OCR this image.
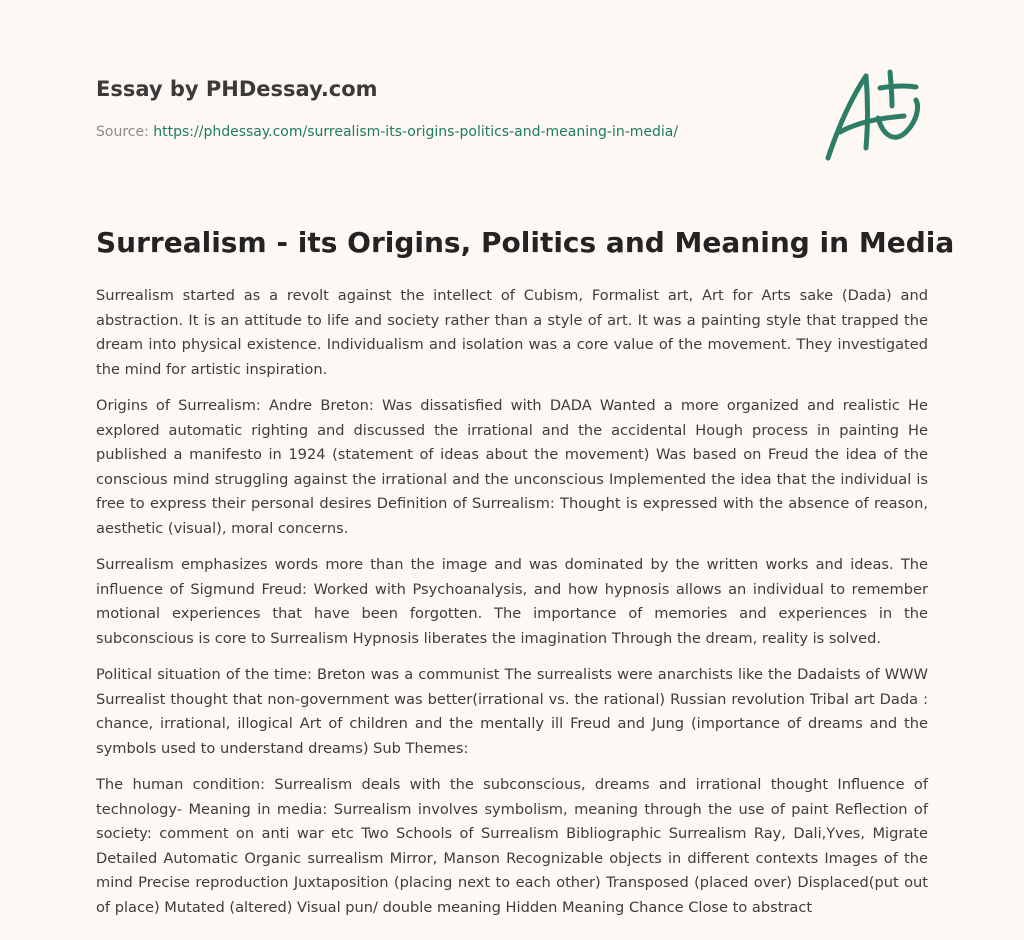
Essay by PHDessay.com
Source: https://phdessay.com/surrealism-its-origins-politics-and-meaning-in-media/
Surrealism - its Origins, Politics and Meaning in Media

Surrealism started as a revolt against the intellect of Cubism, Formalist art, Art for Arts sake (Dada) and abstraction. It is an attitude to life and society rather than a style of art. It was a painting style that trapped the dream into physical existence. Individualism and isolation was a core value of the movement. They investigated the mind for artistic inspiration.

Origins of Surrealism: Andre Breton: Was dissatisfied with DADA Wanted a more organized and realistic He explored automatic righting and discussed the irrational and the accidental Hough process in painting He published a manifesto in 1924 (statement of ideas about the movement) Was based on Freud the idea of the conscious mind struggling against the irrational and the unconscious Implemented the idea that the individual is free to express their personal desires Definition of Surrealism: Thought is expressed with the absence of reason, aesthetic (visual), moral concerns.

Surrealism emphasizes words more than the image and was dominated by the written works and ideas. The influence of Sigmund Freud: Worked with Psychoanalysis, and how hypnosis allows an individual to remember motional experiences that have been forgotten. The importance of memories and experiences in the subconscious is core to Surrealism Hypnosis liberates the imagination Through the dream, reality is solved.

Political situation of the time: Breton was a communist The surrealists were anarchists like the Dadaists of WWW Surrealist thought that non-government was better(irrational vs. the rational) Russian revolution Tribal art Dada : chance, irrational, illogical Art of children and the mentally ill Freud and Jung (importance of dreams and the symbols used to understand dreams) Sub Themes:

The human condition: Surrealism deals with the subconscious, dreams and irrational thought Influence of technology- Meaning in media: Surrealism involves symbolism, meaning through the use of paint Reflection of society: comment on anti war etc Two Schools of Surrealism Bibliographic Surrealism Ray, Dali,Yves, Migrate Detailed Automatic Organic surrealism Mirror, Manson Recognizable objects in different contexts Images of the mind Precise reproduction Juxtaposition (placing next to each other) Transposed (placed over) Displaced(put out of place) Mutated (altered) Visual pun/ double meaning Hidden Meaning Chance Close to abstract
